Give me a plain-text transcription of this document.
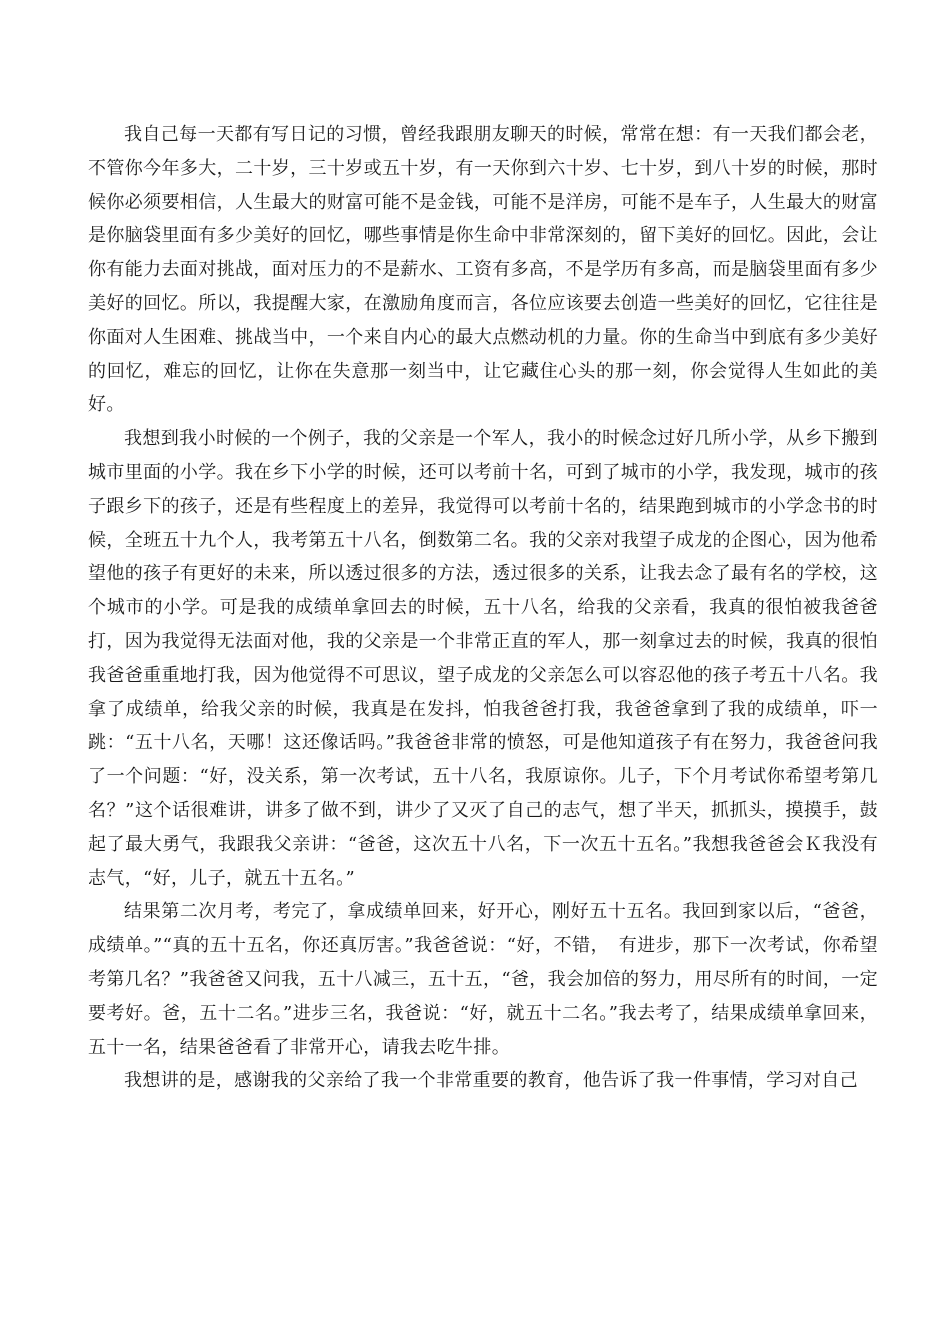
我自己每一天都有写日记的习惯，曾经我跟朋友聊天的时候，常常在想：有一天我们都会老，不管你今年多大，二十岁，三十岁或五十岁，有一天你到六十岁、七十岁，到八十岁的时候，那时候你必须要相信，人生最大的财富可能不是金钱，可能不是洋房，可能不是车子，人生最大的财富是你脑袋里面有多少美好的回忆，哪些事情是你生命中非常深刻的，留下美好的回忆。因此，会让你有能力去面对挑战，面对压力的不是薪水、工资有多高，不是学历有多高，而是脑袋里面有多少美好的回忆。所以，我提醒大家，在激励角度而言，各位应该要去创造一些美好的回忆，它往往是你面对人生困难、挑战当中，一个来自内心的最大点燃动机的力量。你的生命当中到底有多少美好的回忆，难忘的回忆，让你在失意那一刻当中，让它藏住心头的那一刻，你会觉得人生如此的美好。

我想到我小时候的一个例子，我的父亲是一个军人，我小的时候念过好几所小学，从乡下搬到城市里面的小学。我在乡下小学的时候，还可以考前十名，可到了城市的小学，我发现，城市的孩子跟乡下的孩子，还是有些程度上的差异，我觉得可以考前十名的，结果跑到城市的小学念书的时候，全班五十九个人，我考第五十八名，倒数第二名。我的父亲对我望子成龙的企图心，因为他希望他的孩子有更好的未来，所以透过很多的方法，透过很多的关系，让我去念了最有名的学校，这个城市的小学。可是我的成绩单拿回去的时候，五十八名，给我的父亲看，我真的很怕被我爸爸打，因为我觉得无法面对他，我的父亲是一个非常正直的军人，那一刻拿过去的时候，我真的很怕我爸爸重重地打我，因为他觉得不可思议，望子成龙的父亲怎么可以容忍他的孩子考五十八名。我拿了成绩单，给我父亲的时候，我真是在发抖，怕我爸爸打我，我爸爸拿到了我的成绩单，吓一跳：“五十八名，天哪！这还像话吗。”我爸爸非常的愤怒，可是他知道孩子有在努力，我爸爸问我了一个问题：“好，没关系，第一次考试，五十八名，我原谅你。儿子，下个月考试你希望考第几名？”这个话很难讲，讲多了做不到，讲少了又灭了自己的志气，想了半天，抓抓头，摸摸手，鼓起了最大勇气，我跟我父亲讲：“爸爸，这次五十八名，下一次五十五名。”我想我爸爸会Ｋ我没有志气，“好，儿子，就五十五名。”

结果第二次月考，考完了，拿成绩单回来，好开心，刚好五十五名。我回到家以后，“爸爸，成绩单。”“真的五十五名，你还真厉害。”我爸爸说：“好，不错，　有进步，那下一次考试，你希望考第几名？”我爸爸又问我，五十八减三，五十五，“爸，我会加倍的努力，用尽所有的时间，一定要考好。爸，五十二名。”进步三名，我爸说：“好，就五十二名。”我去考了，结果成绩单拿回来，五十一名，结果爸爸看了非常开心，请我去吃牛排。

我想讲的是，感谢我的父亲给了我一个非常重要的教育，他告诉了我一件事情，学习对自己
